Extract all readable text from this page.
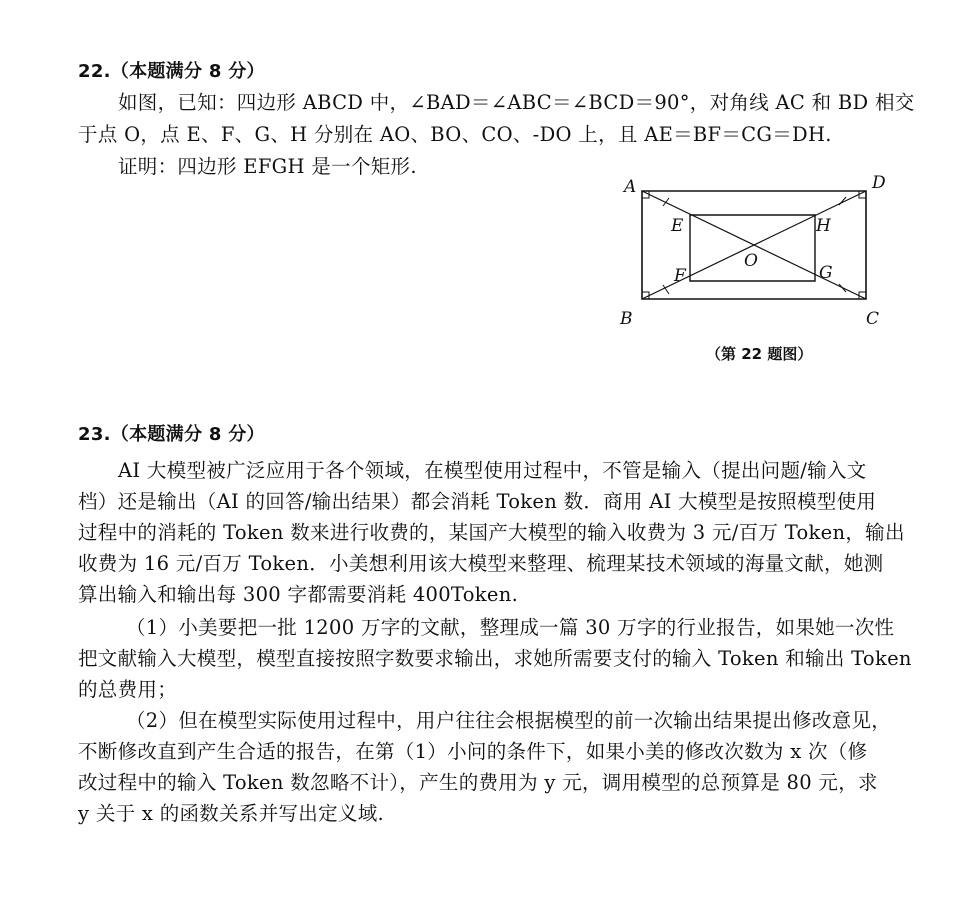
22.（本题满分 8 分）
如图，已知：四边形 ABCD 中，∠BAD＝∠ABC＝∠BCD＝90°，对角线 AC 和 BD 相交
于点 O，点 E、F、G、H 分别在 AO、BO、CO、-DO 上，且 AE＝BF＝CG＝DH.
证明：四边形 EFGH 是一个矩形.
A	D
B	C
E	H
F	G
O
（第 22 题图）
23.（本题满分 8 分）
AI 大模型被广泛应用于各个领域，在模型使用过程中，不管是输入（提出问题/输入文
档）还是输出（AI 的回答/输出结果）都会消耗 Token 数．商用 AI 大模型是按照模型使用
过程中的消耗的 Token 数来进行收费的，某国产大模型的输入收费为 3 元/百万 Token，输出
收费为 16 元/百万 Token．小美想利用该大模型来整理、梳理某技术领域的海量文献，她测
算出输入和输出每 300 字都需要消耗 400Token.
（1）小美要把一批 1200 万字的文献，整理成一篇 30 万字的行业报告，如果她一次性
把文献输入大模型，模型直接按照字数要求输出，求她所需要支付的输入 Token 和输出 Token
的总费用；
（2）但在模型实际使用过程中，用户往往会根据模型的前一次输出结果提出修改意见，
不断修改直到产生合适的报告，在第（1）小问的条件下，如果小美的修改次数为 x 次（修
改过程中的输入 Token 数忽略不计），产生的费用为 y 元，调用模型的总预算是 80 元，求
y 关于 x 的函数关系并写出定义域.
